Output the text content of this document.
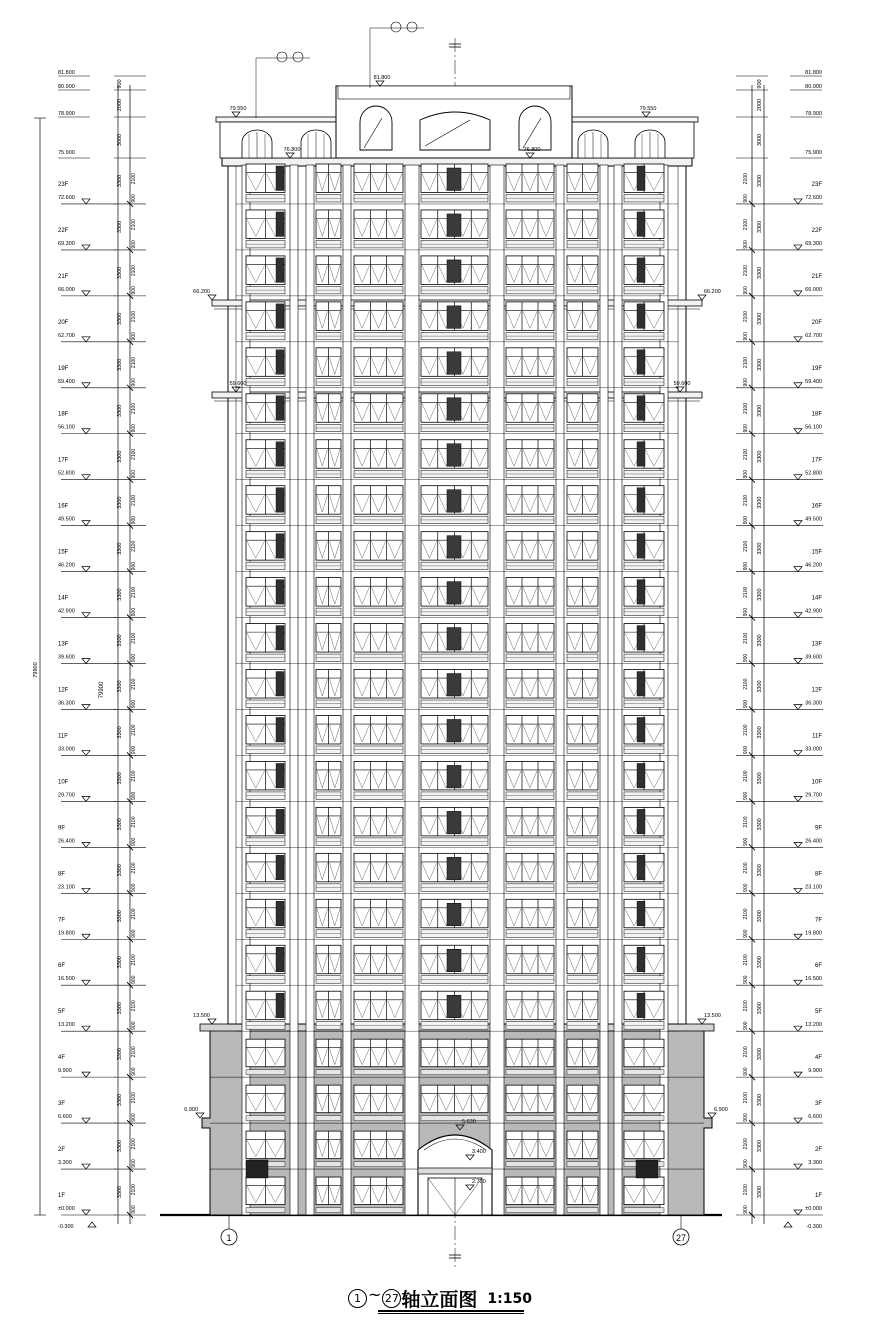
1F
±0.000
3300 2100
900
2F
3.300
3300 2100
900
3F
6.600
3300 2100
900
4F
9.900
3300 2100
900
5F
13.200
3300 2100
900
6F
16.500
3300 2100
900
7F
19.800
3300 2100
900
8F
23.100
3300 2100
900
9F
26.400
3300 2100
900
10F
29.700
3300 2100
900
11F
33.000
3300 2100
900
12F
36.300
3300 2100
900
13F
39.600
3300 2100
900
14F
42.900
3300 2100
900
15F
46.200
3300 2100
900
16F
49.500
3300 2100
900
17F
52.800
3300 2100
900
18F
56.100
3300 2100
900
19F
59.400
3300 2100
900
20F
62.700
3300 2100
900
21F
66.000
3300 2100
900
22F
69.300
3300 2100
900
23F
72.600
3300 2100
900
75.900
78.900
80.900
81.800
3000
2000
900
-0.300
79800
79900
1F
±0.000
3300
2100
900
2F
3.300
3300
2100
900
3F
6.600
3300
2100
900
4F
9.900
3300
2100
900
5F
13.200
3300
2100
900
6F
16.500
3300
2100
900
7F
19.800
3300
2100
900
8F
23.100
3300
2100
900
9F
26.400
3300
2100
900
10F
29.700
3300
2100
900
11F
33.000
3300
2100
900
12F
36.300
3300
2100
900
13F
39.600
3300
2100
900
14F
42.900
3300
2100
900
15F
46.200
3300
2100
900
16F
49.500
3300
2100
900
17F
52.800
3300
2100
900
18F
56.100
3300
2100
900
19F
59.400
3300
2100
900
20F
62.700
3300
2100
900
21F
66.000
3300
2100
900
22F
69.300
3300
2100
900
23F
72.600
3300
2100
900
75.900
78.900
80.900
81.800
3000
2000
900
-0.300
1	27
79.550	79.550
66.200	66.200
59.600	59.600
13.500	13.500
6.900	6.900
81.800
76.800	76.800
5.630
3.400
2.700
1 ~ 27 轴立面图 1:150
